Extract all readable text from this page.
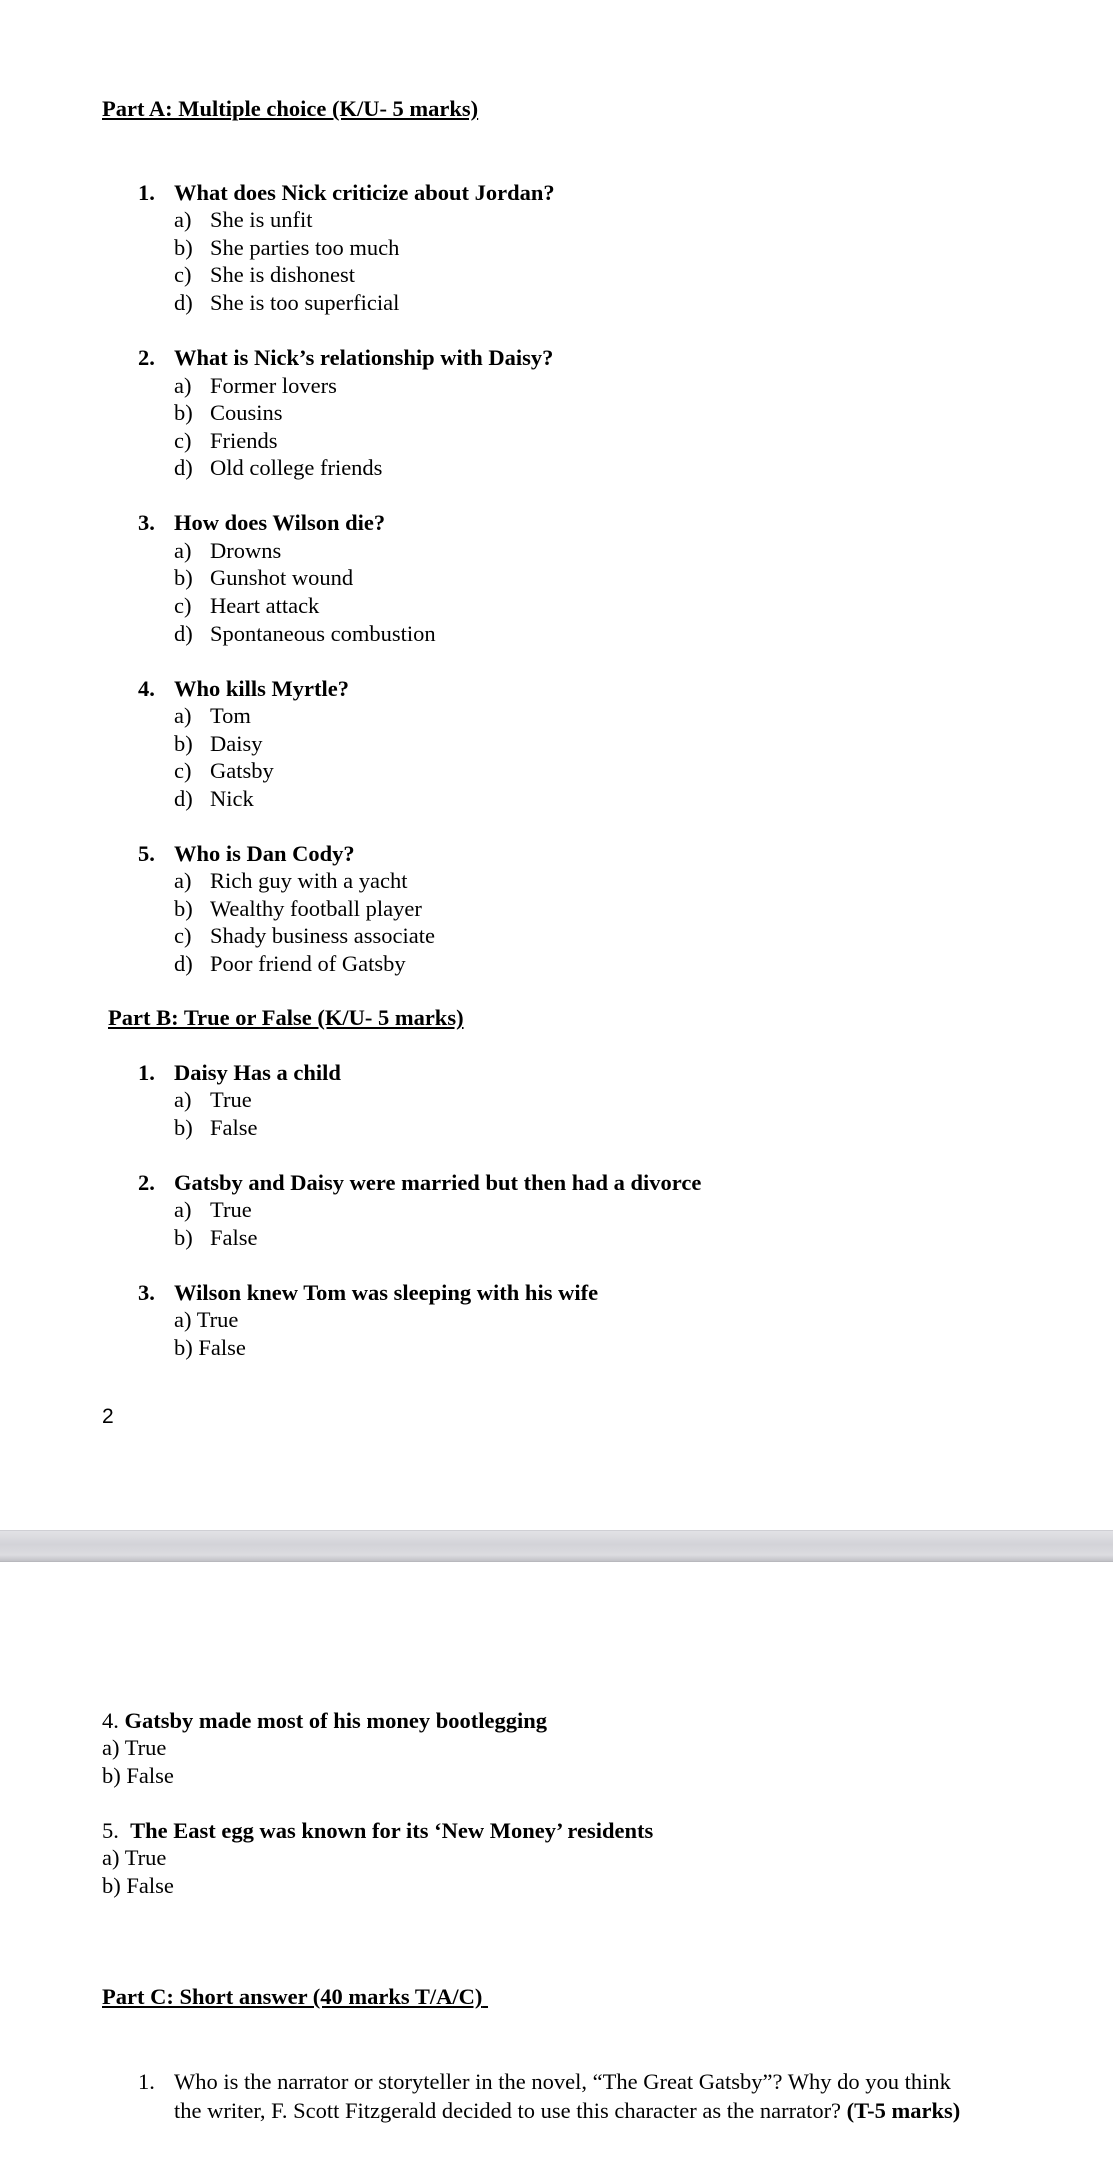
Part A: Multiple choice (K/U- 5 marks)
1. What does Nick criticize about Jordan?
a) She is unfit
b) She parties too much
c) She is dishonest
d) She is too superficial
2. What is Nick’s relationship with Daisy?
a) Former lovers
b) Cousins
c) Friends
d) Old college friends
3. How does Wilson die?
a) Drowns
b) Gunshot wound
c) Heart attack
d) Spontaneous combustion
4. Who kills Myrtle?
a) Tom
b) Daisy
c) Gatsby
d) Nick
5. Who is Dan Cody?
a) Rich guy with a yacht
b) Wealthy football player
c) Shady business associate
d) Poor friend of Gatsby
Part B: True or False (K/U- 5 marks)
1. Daisy Has a child
a) True
b) False
2. Gatsby and Daisy were married but then had a divorce
a) True
b) False
3. Wilson knew Tom was sleeping with his wife
a) True
b) False
2
4. Gatsby made most of his money bootlegging
a) True
b) False
5. The East egg was known for its ‘New Money’ residents
a) True
b) False
Part C: Short answer (40 marks T/A/C)
1. Who is the narrator or storyteller in the novel, “The Great Gatsby”? Why do you think
the writer, F. Scott Fitzgerald decided to use this character as the narrator? (T-5 marks)
